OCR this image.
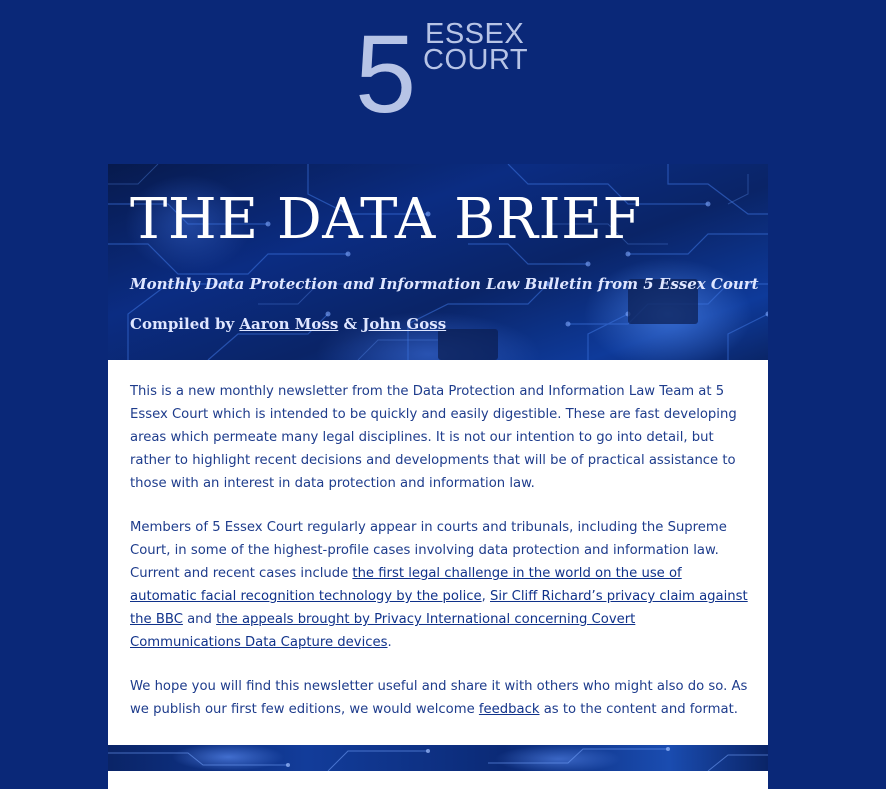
5 ESSEX
COURT
THE DATA BRIEF

Monthly Data Protection and Information Law Bulletin from 5 Essex Court

Compiled by Aaron Moss & John Goss

This is a new monthly newsletter from the Data Protection and Information Law Team at 5 Essex Court which is intended to be quickly and easily digestible. These are fast developing areas which permeate many legal disciplines. It is not our intention to go into detail, but rather to highlight recent decisions and developments that will be of practical assistance to those with an interest in data protection and information law.

Members of 5 Essex Court regularly appear in courts and tribunals, including the Supreme Court, in some of the highest-profile cases involving data protection and information law. Current and recent cases include the first legal challenge in the world on the use of automatic facial recognition technology by the police, Sir Cliff Richard’s privacy claim against the BBC and the appeals brought by Privacy International concerning Covert Communications Data Capture devices.

We hope you will find this newsletter useful and share it with others who might also do so. As we publish our first few editions, we would welcome feedback as to the content and format.
